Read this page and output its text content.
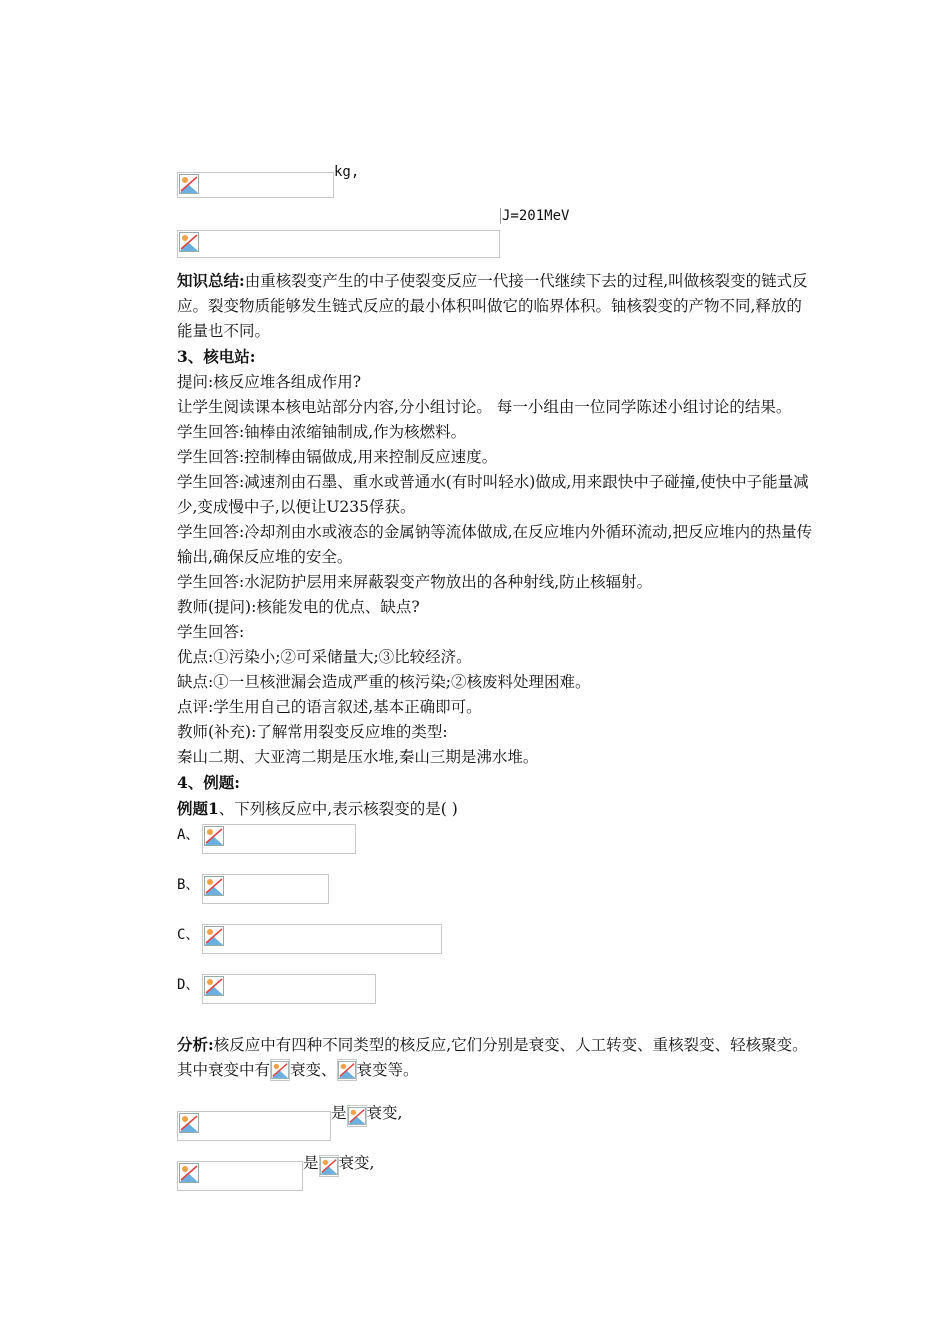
kg,
J=201MeV

知识总结:由重核裂变产生的中子使裂变反应一代接一代继续下去的过程,叫做核裂变的链式反应。裂变物质能够发生链式反应的最小体积叫做它的临界体积。铀核裂变的产物不同,释放的能量也不同。

3、核电站:

提问:核反应堆各组成作用?

让学生阅读课本核电站部分内容,分小组讨论。 每一小组由一位同学陈述小组讨论的结果。

学生回答:铀棒由浓缩铀制成,作为核燃料。

学生回答:控制棒由镉做成,用来控制反应速度。

学生回答:减速剂由石墨、重水或普通水(有时叫轻水)做成,用来跟快中子碰撞,使快中子能量减少,变成慢中子,以便让U235俘获。

学生回答:冷却剂由水或液态的金属钠等流体做成,在反应堆内外循环流动,把反应堆内的热量传输出,确保反应堆的安全。

学生回答:水泥防护层用来屏蔽裂变产物放出的各种射线,防止核辐射。

教师(提问):核能发电的优点、缺点?

学生回答:

优点:①污染小;②可采储量大;③比较经济。

缺点:①一旦核泄漏会造成严重的核污染;②核废料处理困难。

点评:学生用自己的语言叙述,基本正确即可。

教师(补充):了解常用裂变反应堆的类型:

秦山二期、大亚湾二期是压水堆,秦山三期是沸水堆。

4、例题:

例题1、下列核反应中,表示核裂变的是( )

A、
B、
C、
D、

分析:核反应中有四种不同类型的核反应,它们分别是衰变、人工转变、重核裂变、轻核聚变。其中衰变中有 衰变、 衰变等。

是 衰变,
是 衰变,
